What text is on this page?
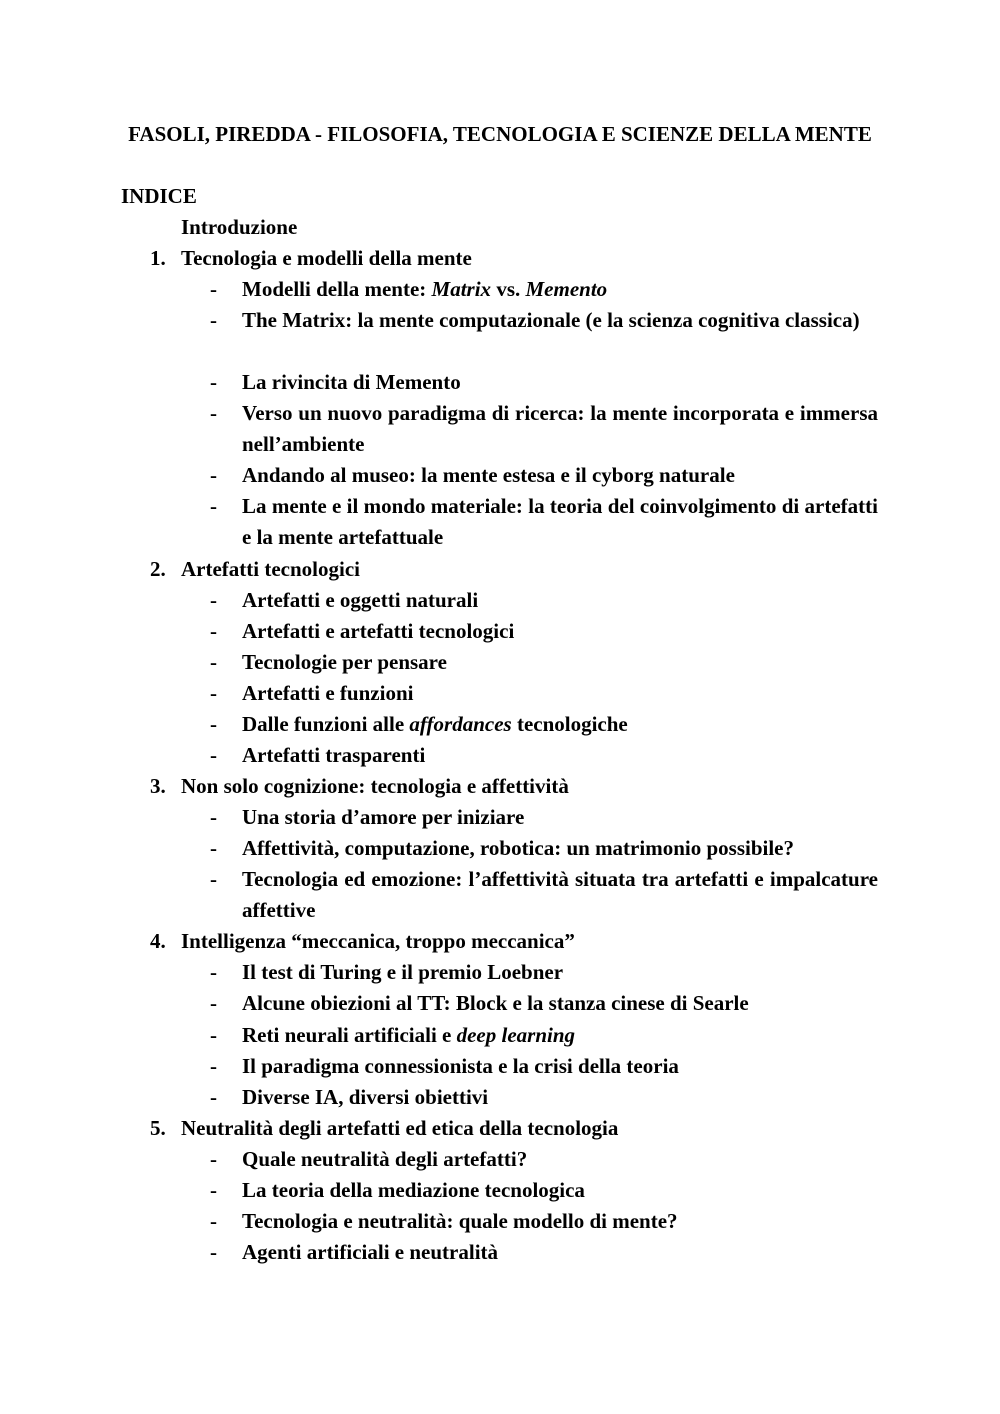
FASOLI, PIREDDA - FILOSOFIA, TECNOLOGIA E SCIENZE DELLA MENTE

INDICE

Introduzione

1. Tecnologia e modelli della mente

- Modelli della mente: Matrix vs. Memento
- The Matrix: la mente computazionale (e la scienza cognitiva classica)
- La rivincita di Memento
- Verso un nuovo paradigma di ricerca: la mente incorporata e immersa nell’ambiente
- Andando al museo: la mente estesa e il cyborg naturale
- La mente e il mondo materiale: la teoria del coinvolgimento di artefatti e la mente artefattuale

2. Artefatti tecnologici

- Artefatti e oggetti naturali
- Artefatti e artefatti tecnologici
- Tecnologie per pensare
- Artefatti e funzioni
- Dalle funzioni alle affordances tecnologiche
- Artefatti trasparenti

3. Non solo cognizione: tecnologia e affettività

- Una storia d’amore per iniziare
- Affettività, computazione, robotica: un matrimonio possibile?
- Tecnologia ed emozione: l’affettività situata tra artefatti e impalcature affettive

4. Intelligenza “meccanica, troppo meccanica”

- Il test di Turing e il premio Loebner
- Alcune obiezioni al TT: Block e la stanza cinese di Searle
- Reti neurali artificiali e deep learning
- Il paradigma connessionista e la crisi della teoria
- Diverse IA, diversi obiettivi

5. Neutralità degli artefatti ed etica della tecnologia

- Quale neutralità degli artefatti?
- La teoria della mediazione tecnologica
- Tecnologia e neutralità: quale modello di mente?
- Agenti artificiali e neutralità
